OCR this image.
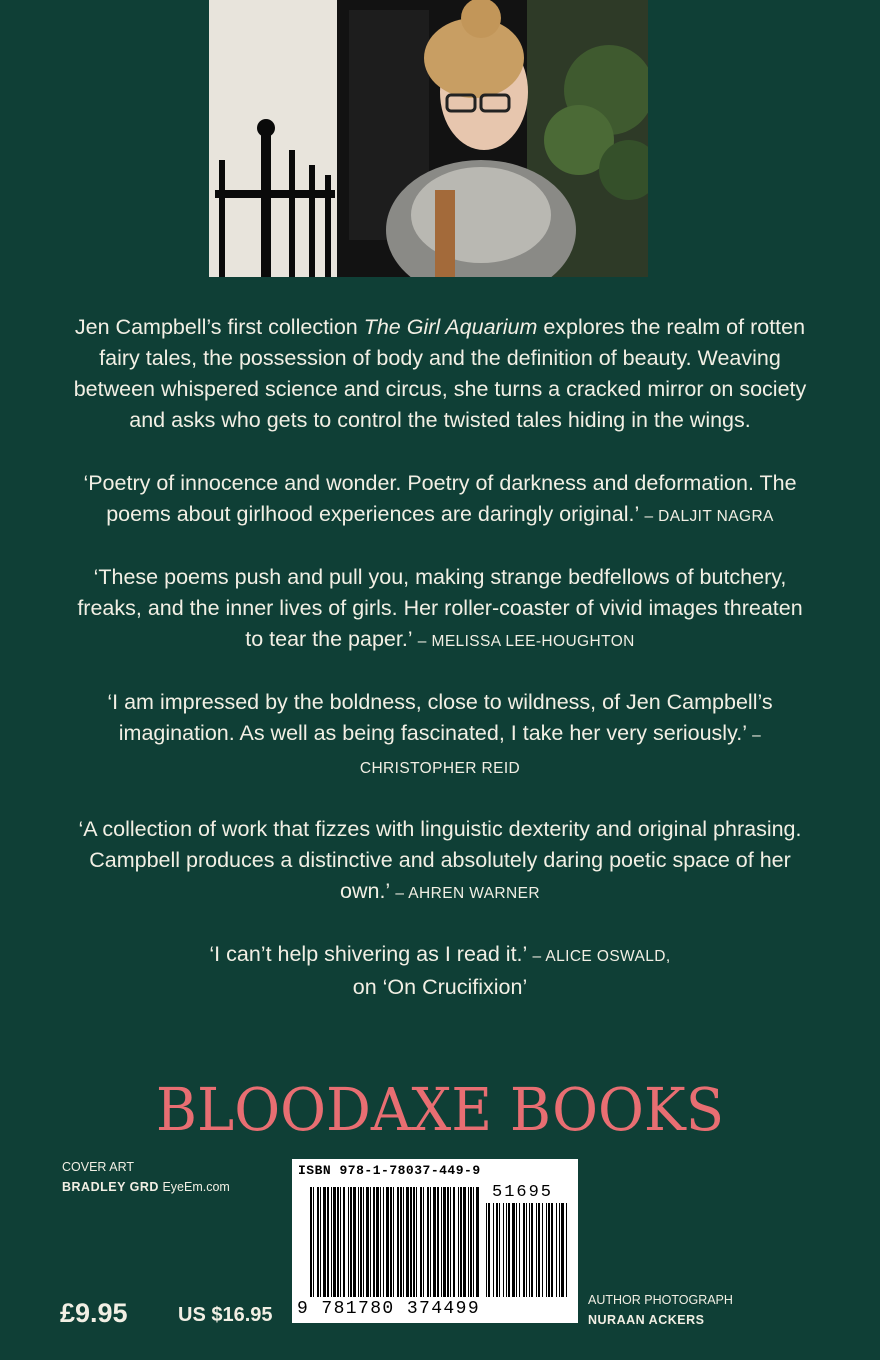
Jen Campbell’s first collection The Girl Aquarium explores the realm of rotten fairy tales, the possession of body and the definition of beauty. Weaving between whispered science and circus, she turns a cracked mirror on society and asks who gets to control the twisted tales hiding in the wings.

‘Poetry of innocence and wonder. Poetry of darkness and deformation. The poems about girlhood experiences are daringly original.’ – DALJIT NAGRA

‘These poems push and pull you, making strange bedfellows of butchery, freaks, and the inner lives of girls. Her roller-coaster of vivid images threaten to tear the paper.’ – MELISSA LEE-HOUGHTON

‘I am impressed by the boldness, close to wildness, of Jen Campbell’s imagination. As well as being fascinated, I take her very seriously.’ – CHRISTOPHER REID

‘A collection of work that fizzes with linguistic dexterity and original phrasing. Campbell produces a distinctive and absolutely daring poetic space of her own.’ – AHREN WARNER

‘I can’t help shivering as I read it.’ – ALICE OSWALD,
on ‘On Crucifixion’

BLOODAXE BOOKS
COVER ART
BRADLEY GRD EyeEm.com
£9.95	US $16.95
ISBN 978-1-78037-449-9
51695
9 781780 374499	AUTHOR PHOTOGRAPH
NURAAN ACKERS
